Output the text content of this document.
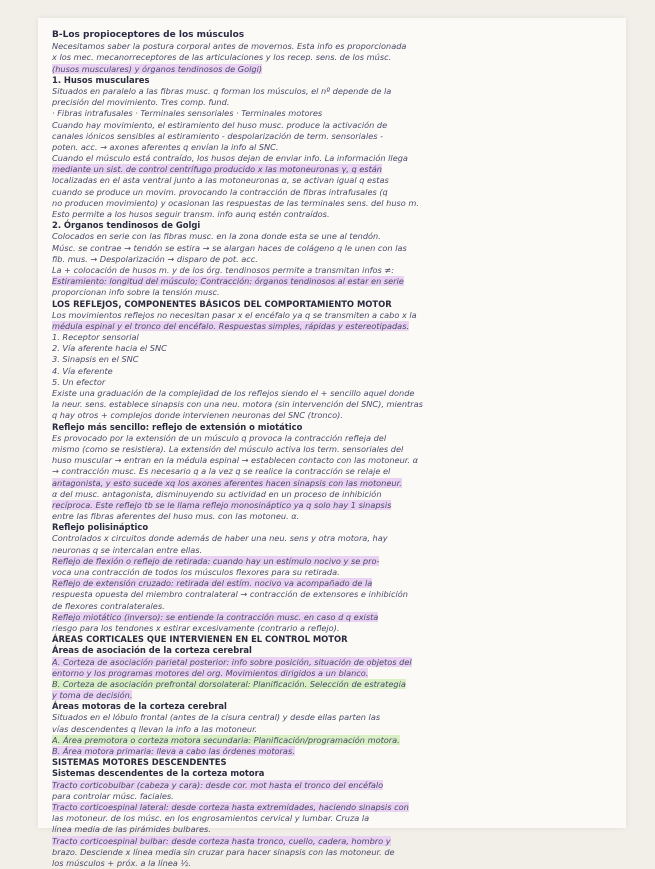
B-Los propioceptores de los músculos
Necesitamos saber la postura corporal antes de movernos. Esta info es proporcionada
x los mec. mecanorreceptores de las articulaciones y los recep. sens. de los músc.
(husos musculares) y órganos tendinosos de Golgi)
1. Husos musculares
Situados en paralelo a las fibras musc. q forman los músculos, el nº depende de la
precisión del movimiento. Tres comp. fund.
· Fibras intrafusales · Terminales sensoriales · Terminales motores
Cuando hay movimiento, el estiramiento del huso musc. produce la activación de
canales iónicos sensibles al estiramiento - despolarización de term. sensoriales -
poten. acc. → axones aferentes q envían la info al SNC.
Cuando el músculo está contraído, los husos dejan de enviar info. La información llega
mediante un sist. de control centrífugo producido x las motoneuronas γ, q están
localizadas en el asta ventral junto a las motoneuronas α, se activan igual q estas
cuando se produce un movim. provocando la contracción de fibras intrafusales (q
no producen movimiento) y ocasionan las respuestas de las terminales sens. del huso m.
Esto permite a los husos seguir transm. info aunq estén contraídos.
2. Órganos tendinosos de Golgi
Colocados en serie con las fibras musc. en la zona donde esta se une al tendón.
Músc. se contrae → tendón se estira → se alargan haces de colágeno q le unen con las
fib. mus. → Despolarización → disparo de pot. acc.
La + colocación de husos m. y de los órg. tendinosos permite a transmitan infos ≠:
Estiramiento: longitud del músculo; Contracción: órganos tendinosos al estar en serie
proporcionan info sobre la tensión musc.
LOS REFLEJOS, COMPONENTES BÁSICOS DEL COMPORTAMIENTO MOTOR
Los movimientos reflejos no necesitan pasar x el encéfalo ya q se transmiten a cabo x la
médula espinal y el tronco del encéfalo. Respuestas simples, rápidas y estereotipadas.
1. Receptor sensorial
2. Vía aferente hacia el SNC
3. Sinapsis en el SNC
4. Vía eferente
5. Un efector
Existe una graduación de la complejidad de los reflejos siendo el + sencillo aquel donde
la neur. sens. establece sinapsis con una neu. motora (sin intervención del SNC), mientras
q hay otros + complejos donde intervienen neuronas del SNC (tronco).
Reflejo más sencillo: reflejo de extensión o miotático
Es provocado por la extensión de un músculo q provoca la contracción refleja del
mismo (como se resistiera). La extensión del músculo activa los term. sensoriales del
huso muscular → entran en la médula espinal → establecen contacto con las motoneur. α
→ contracción musc. Es necesario q a la vez q se realice la contracción se relaje el
antagonista, y esto sucede xq los axones aferentes hacen sinapsis con las motoneur.
α del musc. antagonista, disminuyendo su actividad en un proceso de inhibición
recíproca. Este reflejo tb se le llama reflejo monosináptico ya q solo hay 1 sinapsis
entre las fibras aferentes del huso mus. con las motoneu. α.
Reflejo polisináptico
Controlados x circuitos donde además de haber una neu. sens y otra motora, hay
neuronas q se intercalan entre ellas.
Reflejo de flexión o reflejo de retirada: cuando hay un estímulo nocivo y se pro-
voca una contracción de todos los músculos flexores para su retirada.
Reflejo de extensión cruzado: retirada del estím. nocivo va acompañado de la
respuesta opuesta del miembro contralateral → contracción de extensores e inhibición
de flexores contralaterales.
Reflejo miotático (inverso): se entiende la contracción musc. en caso d q exista
riesgo para los tendones x estirar excesivamente (contrario a reflejo).
ÁREAS CORTICALES QUE INTERVIENEN EN EL CONTROL MOTOR
Áreas de asociación de la corteza cerebral
A. Corteza de asociación parietal posterior: info sobre posición, situación de objetos del
entorno y los programas motores del org. Movimientos dirigidos a un blanco.
B. Corteza de asociación prefrontal dorsolateral: Planificación. Selección de estrategia
y toma de decisión.
Áreas motoras de la corteza cerebral
Situados en el lóbulo frontal (antes de la cisura central) y desde ellas parten las
vías descendentes q llevan la info a las motoneur.
A. Área premotora o corteza motora secundaria: Planificación/programación motora.
B. Área motora primaria: lleva a cabo las órdenes motoras.
SISTEMAS MOTORES DESCENDENTES
Sistemas descendentes de la corteza motora
Tracto corticobulbar (cabeza y cara): desde cor. mot hasta el tronco del encéfalo
para controlar músc. faciales.
Tracto corticoespinal lateral: desde corteza hasta extremidades, haciendo sinapsis con
las motoneur. de los músc. en los engrosamientos cervical y lumbar. Cruza la
línea media de las pirámides bulbares.
Tracto corticoespinal bulbar: desde corteza hasta tronco, cuello, cadera, hombro y
brazo. Desciende x línea media sin cruzar para hacer sinapsis con las motoneur. de
los músculos + próx. a la línea ½.
